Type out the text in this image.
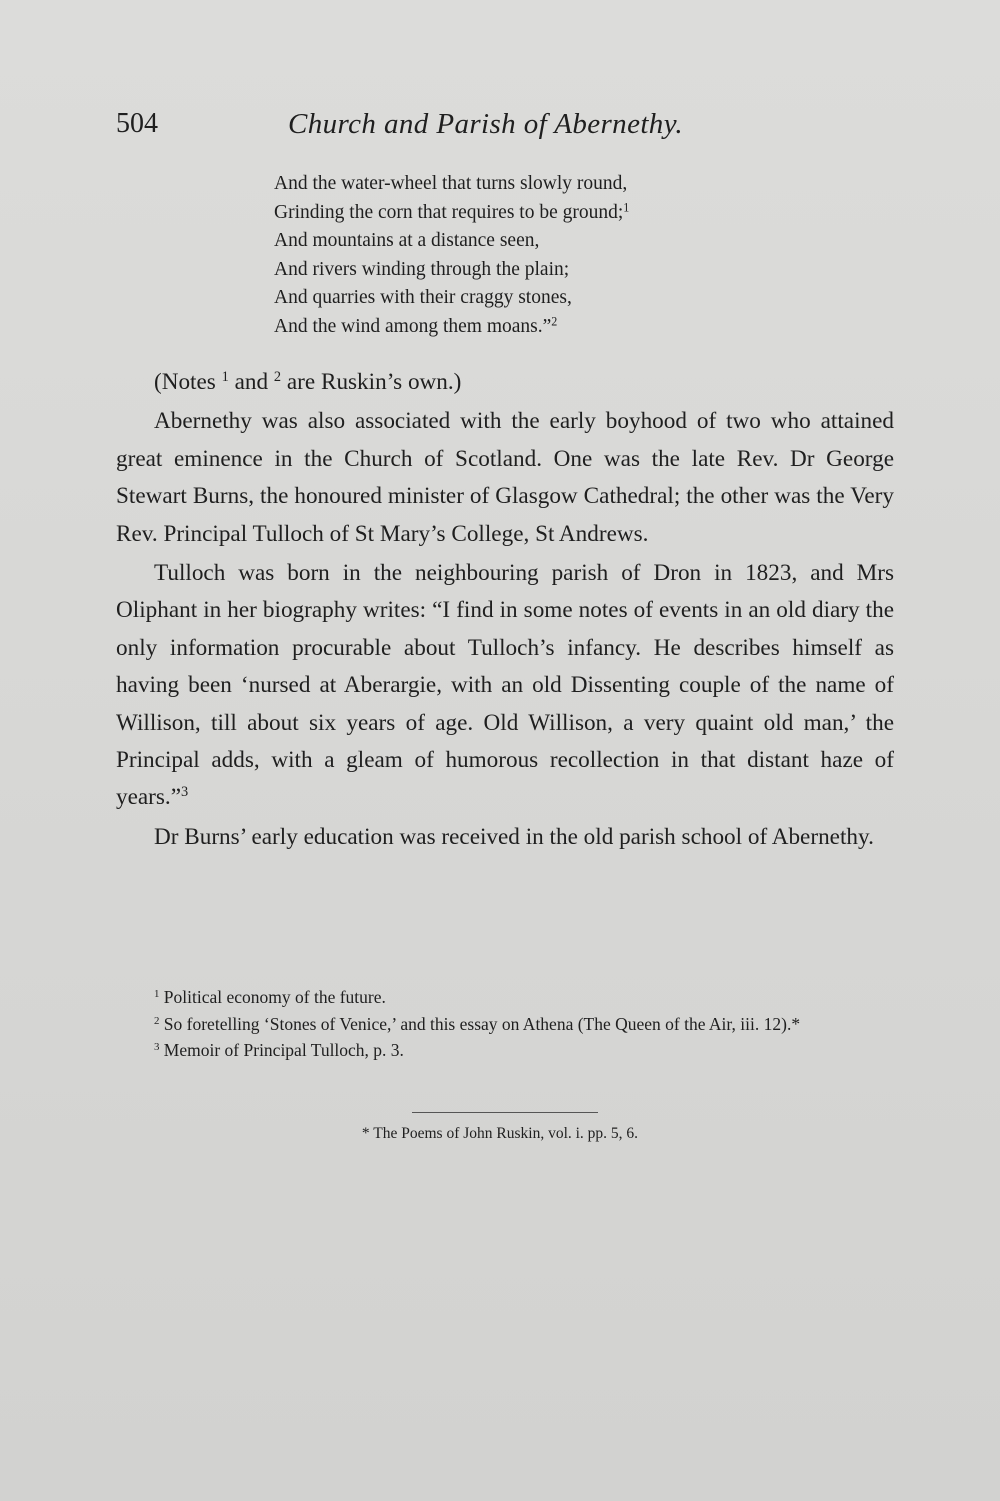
504	Church and Parish of Abernethy.
And the water-wheel that turns slowly round,
Grinding the corn that requires to be ground;$^1$
And mountains at a distance seen,
And rivers winding through the plain;
And quarries with their craggy stones,
And the wind among them moans.”$^2$

(Notes $^1$ and $^2$ are Ruskin’s own.)

Abernethy was also associated with the early boyhood of two who attained great eminence in the Church of Scotland. One was the late Rev. Dr George Stewart Burns, the honoured minister of Glasgow Cathedral; the other was the Very Rev. Principal Tulloch of St Mary’s College, St Andrews.

Tulloch was born in the neighbouring parish of Dron in 1823, and Mrs Oliphant in her biography writes: “I find in some notes of events in an old diary the only information procurable about Tulloch’s infancy. He describes himself as having been ‘nursed at Aberargie, with an old Dissenting couple of the name of Willison, till about six years of age. Old Willison, a very quaint old man,’ the Principal adds, with a gleam of humorous recollection in that distant haze of years.”$^3$

Dr Burns’ early education was received in the old parish school of Abernethy.

$^1$ Political economy of the future.

$^2$ So foretelling ‘Stones of Venice,’ and this essay on Athena (The Queen of the Air, iii. 12).*

$^3$ Memoir of Principal Tulloch, p. 3.

* The Poems of John Ruskin, vol. i. pp. 5, 6.
